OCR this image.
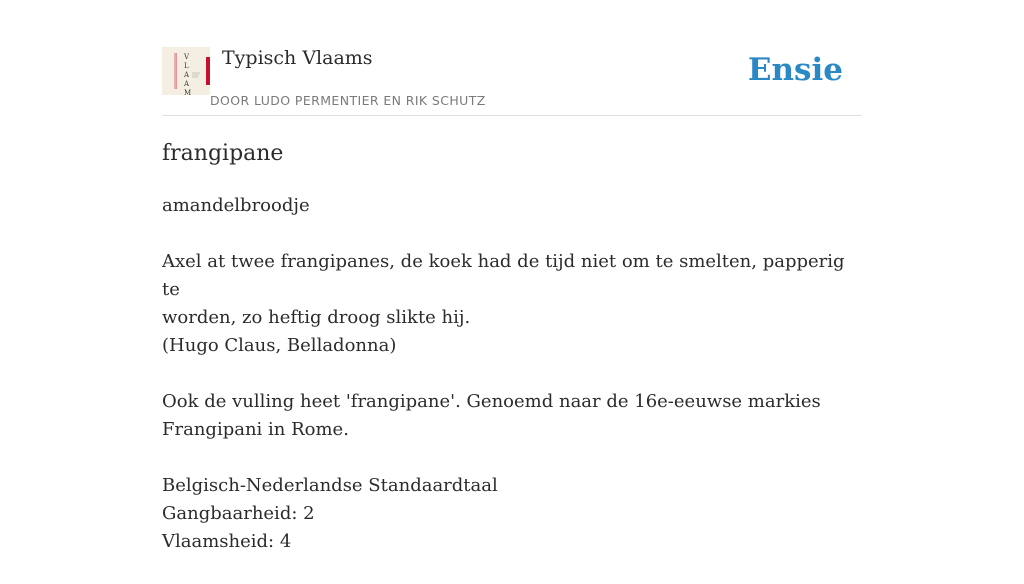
V
L
A
A
M
Typisch Vlaams
DOOR LUDO PERMENTIER EN RIK SCHUTZ
Ensie
frangipane

amandelbroodje

Axel at twee frangipanes, de koek had de tijd niet om te smelten, papperig te
worden, zo heftig droog slikte hij.
(Hugo Claus, Belladonna)

Ook de vulling heet 'frangipane'. Genoemd naar de 16e-eeuwse markies
Frangipani in Rome.

Belgisch-Nederlandse Standaardtaal
Gangbaarheid: 2
Vlaamsheid: 4
